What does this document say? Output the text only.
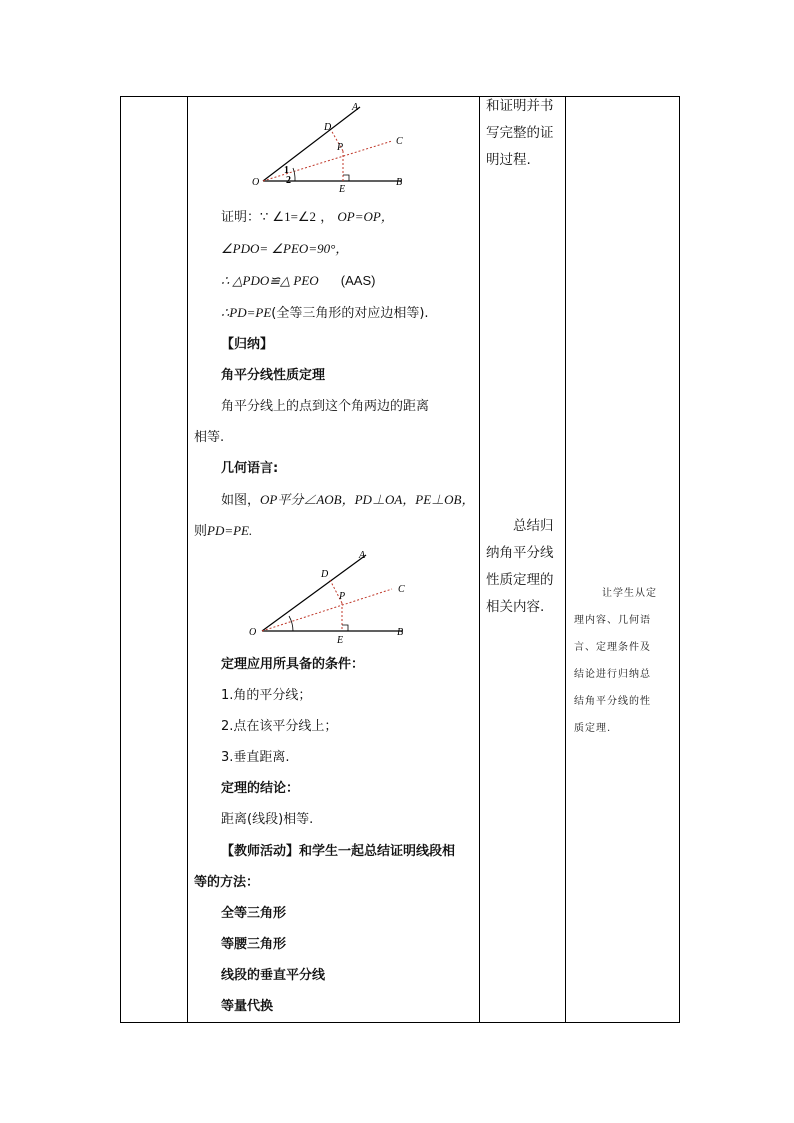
A
C
D
P
O
E
B
1
2
证明：∵ ∠1=∠2 ， OP=OP，
∠PDO= ∠PEO=90°，
∴ △PDO≌△ PEO (AAS)
∴PD=PE(全等三角形的对应边相等).
【归纳】
角平分线性质定理
角平分线上的点到这个角两边的距离
相等.
几何语言:
如图，OP平分∠AOB，PD⊥OA，PE⊥OB，
则PD=PE.
A
C
D
P
O
E
B
定理应用所具备的条件：
1.角的平分线；
2.点在该平分线上；
3.垂直距离.
定理的结论：
距离(线段)相等.
【教师活动】和学生一起总结证明线段相
等的方法：
全等三角形
等腰三角形
线段的垂直平分线
等量代换
和证明并书
写完整的证
明过程.
总结归
纳角平分线
性质定理的
相关内容.
让学生从定
理内容、几何语
言、定理条件及
结论进行归纳总
结角平分线的性
质定理.
